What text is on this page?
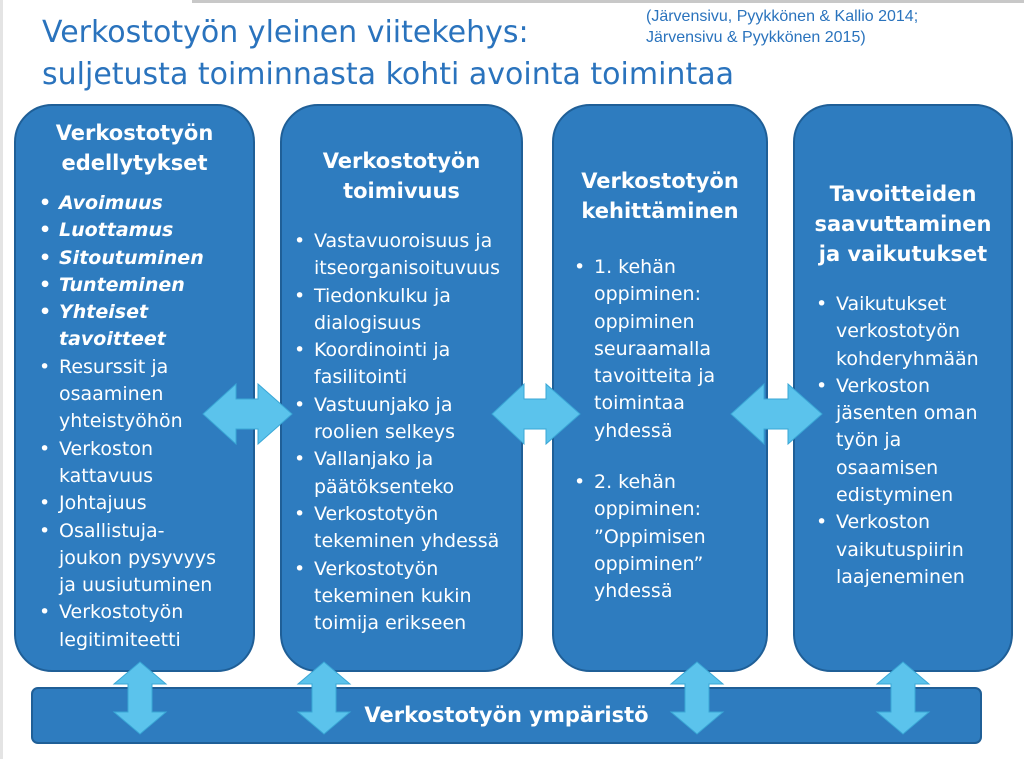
Verkostotyön yleinen viitekehys:
suljetusta toiminnasta kohti avointa toimintaa
(Järvensivu, Pyykkönen & Kallio 2014;
Järvensivu & Pyykkönen 2015)
Verkostotyön
edellytykset
• Avoimuus
• Luottamus
• Sitoutuminen
• Tunteminen
• Yhteiset
tavoitteet
• Resurssit ja
osaaminen
yhteistyöhön
• Verkoston
kattavuus
• Johtajuus
• Osallistuja-
joukon pysyvyys
ja uusiutuminen
• Verkostotyön
legitimiteetti
Verkostotyön
toimivuus
• Vastavuoroisuus ja
itseorganisoituvuus
• Tiedonkulku ja
dialogisuus
• Koordinointi ja
fasilitointi
• Vastuunjako ja
roolien selkeys
• Vallanjako ja
päätöksenteko
• Verkostotyön
tekeminen yhdessä
• Verkostotyön
tekeminen kukin
toimija erikseen
Verkostotyön
kehittäminen
• 1. kehän
oppiminen:
oppiminen
seuraamalla
tavoitteita ja
toimintaa
yhdessä
• 2. kehän
oppiminen:
”Oppimisen
oppiminen”
yhdessä
Tavoitteiden
saavuttaminen
ja vaikutukset
• Vaikutukset
verkostotyön
kohderyhmään
• Verkoston
jäsenten oman
työn ja
osaamisen
edistyminen
• Verkoston
vaikutuspiirin
laajeneminen
Verkostotyön ympäristö
